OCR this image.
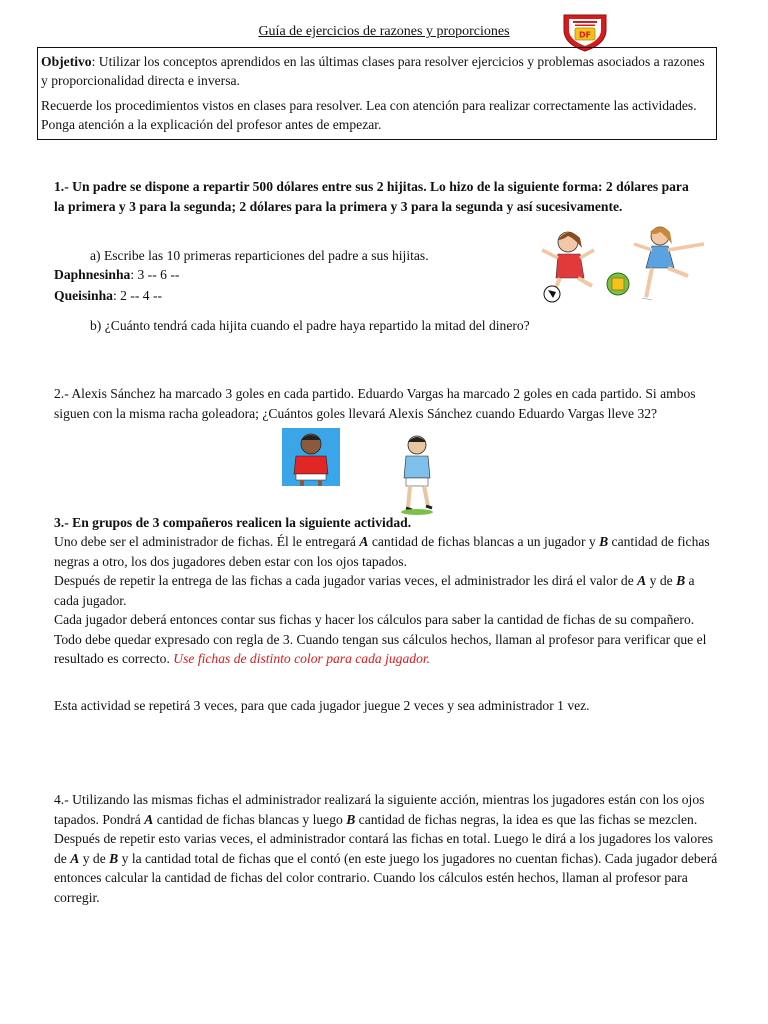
Guía de ejercicios de razones y proporciones	DF

Objetivo: Utilizar los conceptos aprendidos en las últimas clases para resolver ejercicios y problemas asociados a razones y proporcionalidad directa e inversa.

Recuerde los procedimientos vistos en clases para resolver. Lea con atención para realizar correctamente las actividades. Ponga atención a la explicación del profesor antes de empezar.

1.- Un padre se dispone a repartir 500 dólares entre sus 2 hijitas. Lo hizo de la siguiente forma: 2 dólares para la primera y 3 para la segunda; 2 dólares para la primera y 3 para la segunda y así sucesivamente.
a) Escribe las 10 primeras reparticiones del padre a sus hijitas.
Daphnesinha: 3 -- 6 --
Queisinha: 2 -- 4 --
b) ¿Cuánto tendrá cada hijita cuando el padre haya repartido la mitad del dinero?
2.- Alexis Sánchez ha marcado 3 goles en cada partido. Eduardo Vargas ha marcado 2 goles en cada partido. Si ambos siguen con la misma racha goleadora; ¿Cuántos goles llevará Alexis Sánchez cuando Eduardo Vargas lleve 32?
3.- En grupos de 3 compañeros realicen la siguiente actividad.
Uno debe ser el administrador de fichas. Él le entregará A cantidad de fichas blancas a un jugador y B cantidad de fichas negras a otro, los dos jugadores deben estar con los ojos tapados.
Después de repetir la entrega de las fichas a cada jugador varias veces, el administrador les dirá el valor de A y de B a cada jugador.
Cada jugador deberá entonces contar sus fichas y hacer los cálculos para saber la cantidad de fichas de su compañero. Todo debe quedar expresado con regla de 3. Cuando tengan sus cálculos hechos, llaman al profesor para verificar que el resultado es correcto. Use fichas de distinto color para cada jugador.
Esta actividad se repetirá 3 veces, para que cada jugador juegue 2 veces y sea administrador 1 vez.
4.- Utilizando las mismas fichas el administrador realizará la siguiente acción, mientras los jugadores están con los ojos tapados. Pondrá A cantidad de fichas blancas y luego B cantidad de fichas negras, la idea es que las fichas se mezclen. Después de repetir esto varias veces, el administrador contará las fichas en total. Luego le dirá a los jugadores los valores de A y de B y la cantidad total de fichas que el contó (en este juego los jugadores no cuentan fichas). Cada jugador deberá entonces calcular la cantidad de fichas del color contrario. Cuando los cálculos estén hechos, llaman al profesor para corregir.
